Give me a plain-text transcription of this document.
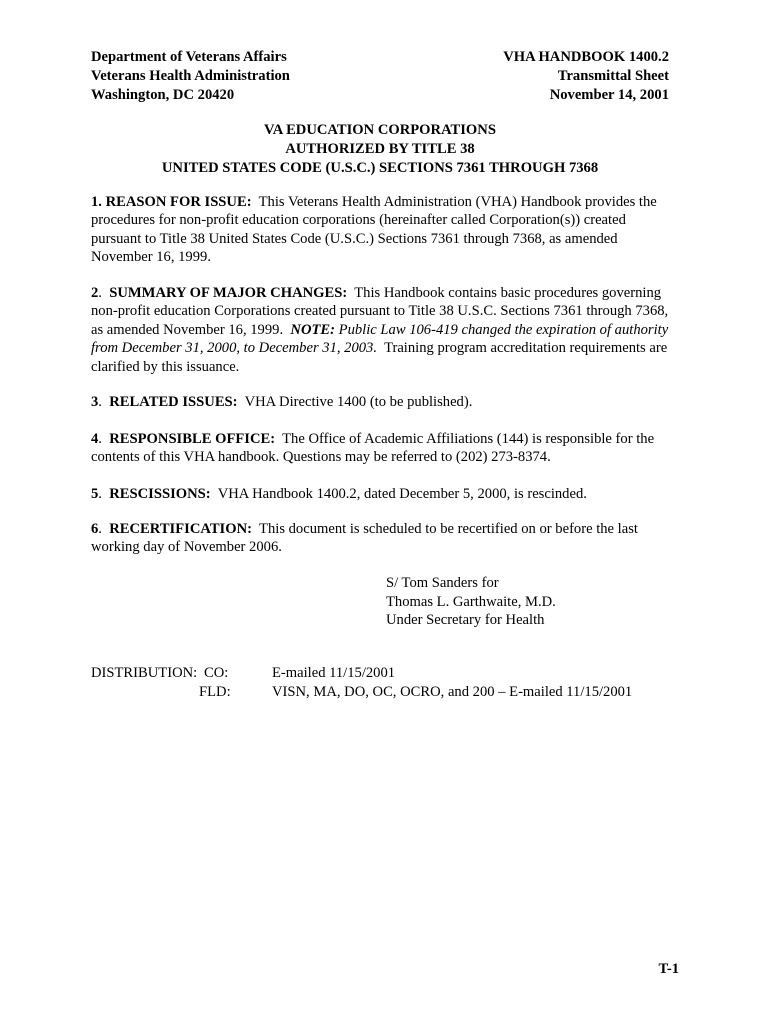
Department of Veterans Affairs
Veterans Health Administration
Washington, DC 20420
VHA HANDBOOK 1400.2
Transmittal Sheet
November 14, 2001
VA EDUCATION CORPORATIONS
AUTHORIZED BY TITLE 38
UNITED STATES CODE (U.S.C.) SECTIONS 7361 THROUGH 7368
1. REASON FOR ISSUE: This Veterans Health Administration (VHA) Handbook provides the procedures for non-profit education corporations (hereinafter called Corporation(s)) created pursuant to Title 38 United States Code (U.S.C.) Sections 7361 through 7368, as amended November 16, 1999.
2.  SUMMARY OF MAJOR CHANGES: This Handbook contains basic procedures governing non-profit education Corporations created pursuant to Title 38 U.S.C. Sections 7361 through 7368, as amended November 16, 1999. NOTE: Public Law 106-419 changed the expiration of authority from December 31, 2000, to December 31, 2003. Training program accreditation requirements are clarified by this issuance.
3.  RELATED ISSUES: VHA Directive 1400 (to be published).
4.  RESPONSIBLE OFFICE: The Office of Academic Affiliations (144) is responsible for the contents of this VHA handbook. Questions may be referred to (202) 273-8374.
5.  RESCISSIONS: VHA Handbook 1400.2, dated December 5, 2000, is rescinded.
6.  RECERTIFICATION: This document is scheduled to be recertified on or before the last working day of November 2006.
S/ Tom Sanders for
Thomas L. Garthwaite, M.D.
Under Secretary for Health
DISTRIBUTION: CO:	E-mailed 11/15/2001
FLD:	VISN, MA, DO, OC, OCRO, and 200 – E-mailed 11/15/2001
T-1
